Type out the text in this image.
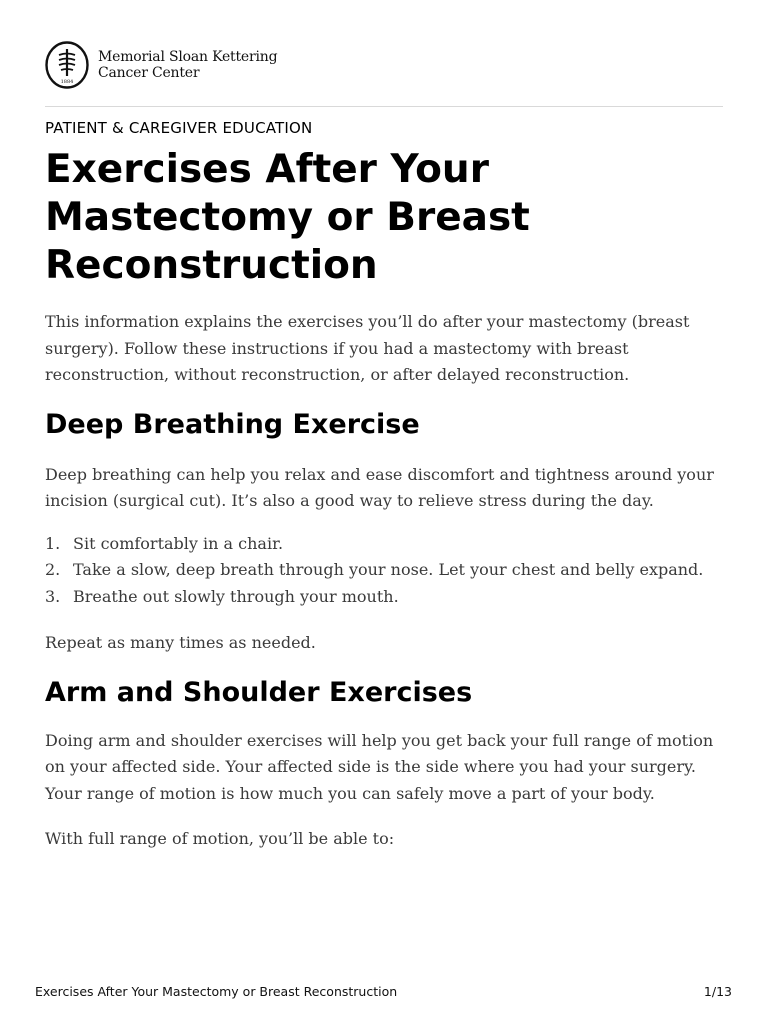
1884
Memorial Sloan Kettering
Cancer Center
PATIENT & CAREGIVER EDUCATION
Exercises After Your Mastectomy or Breast Reconstruction

This information explains the exercises you’ll do after your mastectomy (breast surgery). Follow these instructions if you had a mastectomy with breast reconstruction, without reconstruction, or after delayed reconstruction.

Deep Breathing Exercise

Deep breathing can help you relax and ease discomfort and tightness around your incision (surgical cut). It’s also a good way to relieve stress during the day.

1. Sit comfortably in a chair.
2. Take a slow, deep breath through your nose. Let your chest and belly expand.
3. Breathe out slowly through your mouth.

Repeat as many times as needed.

Arm and Shoulder Exercises

Doing arm and shoulder exercises will help you get back your full range of motion on your affected side. Your affected side is the side where you had your surgery. Your range of motion is how much you can safely move a part of your body.

With full range of motion, you’ll be able to:

Exercises After Your Mastectomy or Breast Reconstruction	1/13
